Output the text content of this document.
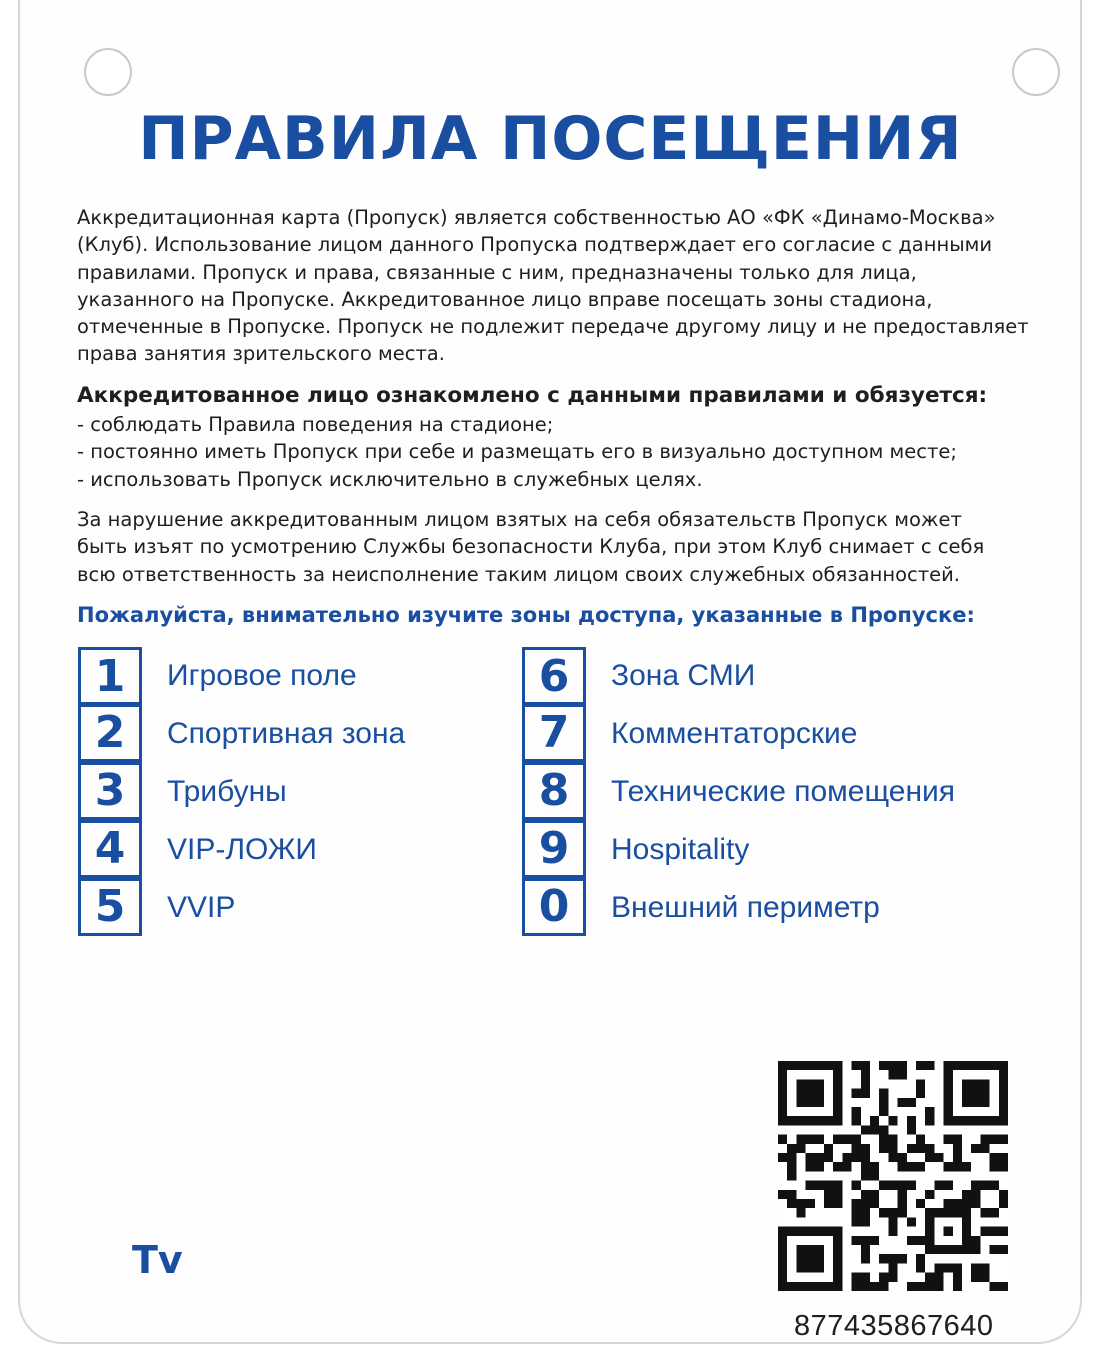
ПРАВИЛА ПОСЕЩЕНИЯ
Аккредитационная карта (Пропуск) является собственностью АО «ФК «Динамо-Москва»
(Клуб). Использование лицом данного Пропуска подтверждает его согласие с данными
правилами. Пропуск и права, связанные с ним, предназначены только для лица,
указанного на Пропуске. Аккредитованное лицо вправе посещать зоны стадиона,
отмеченные в Пропуске. Пропуск не подлежит передаче другому лицу и не предоставляет
права занятия зрительского места.
Аккредитованное лицо ознакомлено с данными правилами и обязуется:
- соблюдать Правила поведения на стадионе;
- постоянно иметь Пропуск при себе и размещать его в визуально доступном месте;
- использовать Пропуск исключительно в служебных целях.
За нарушение аккредитованным лицом взятых на себя обязательств Пропуск может
быть изъят по усмотрению Службы безопасности Клуба, при этом Клуб снимает с себя
всю ответственность за неисполнение таким лицом своих служебных обязанностей.
Пожалуйста, внимательно изучите зоны доступа, указанные в Пропуске:
1	Игровое поле
2	Спортивная зона
3	Трибуны
4	VIP-ЛОЖИ
5	VVIP
6	Зона СМИ
7	Комментаторские
8	Технические помещения
9	Hospitality
0	Внешний периметр
Tv
877435867640
